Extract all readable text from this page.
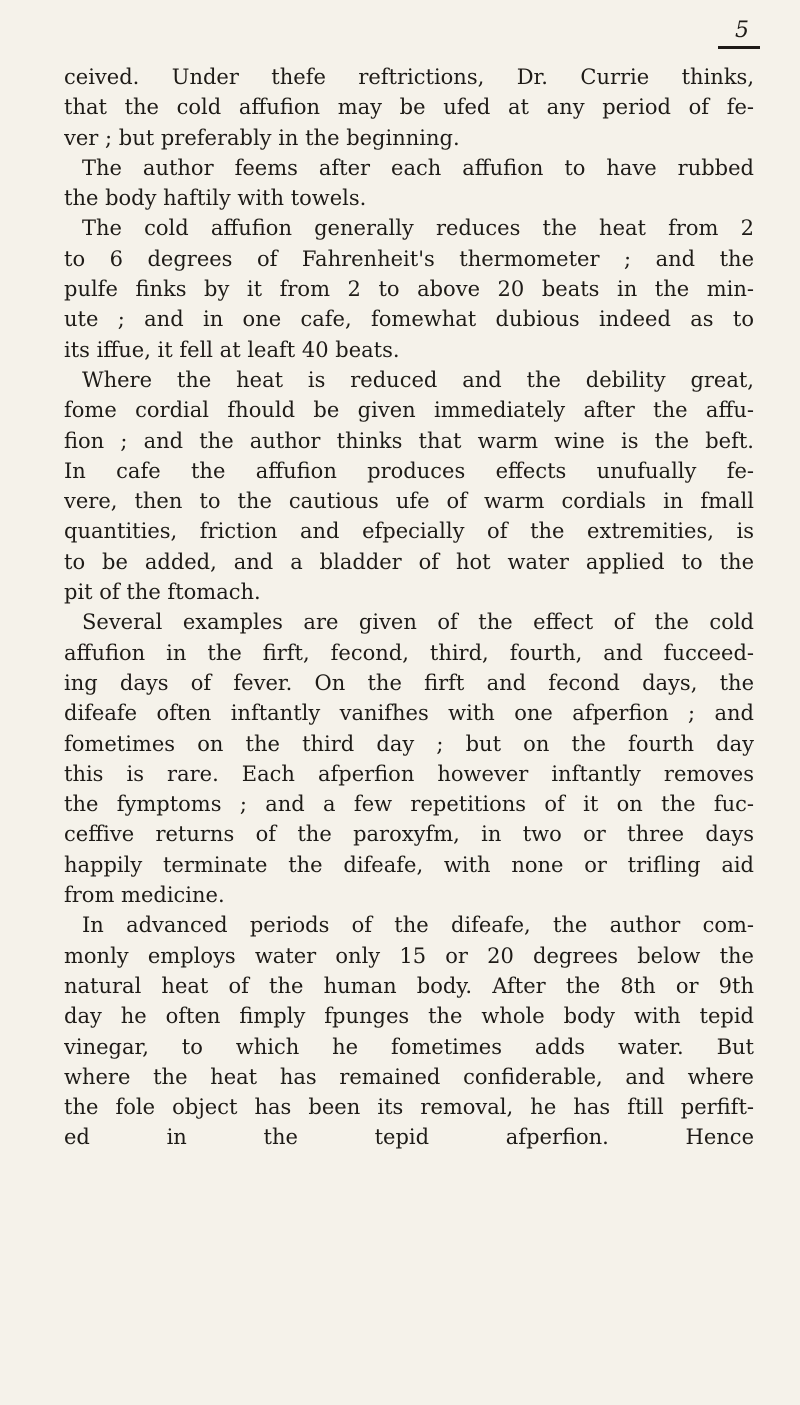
5
ceived. Under thefe reftrictions, Dr. Currie thinks,
that the cold affufion may be ufed at any period of fe-
ver ; but preferably in the beginning.
The author feems after each affufion to have rubbed
the body haftily with towels.
The cold affufion generally reduces the heat from 2
to 6 degrees of Fahrenheit's thermometer ; and the
pulfe finks by it from 2 to above 20 beats in the min-
ute ; and in one cafe, fomewhat dubious indeed as to
its iffue, it fell at leaft 40 beats.
Where the heat is reduced and the debility great,
fome cordial fhould be given immediately after the affu-
fion ; and the author thinks that warm wine is the beft.
In cafe the affufion produces effects unufually fe-
vere, then to the cautious ufe of warm cordials in fmall
quantities, friction and efpecially of the extremities, is
to be added, and a bladder of hot water applied to the
pit of the ftomach.
Several examples are given of the effect of the cold
affufion in the firft, fecond, third, fourth, and fucceed-
ing days of fever. On the firft and fecond days, the
difeafe often inftantly vanifhes with one afperfion ; and
fometimes on the third day ; but on the fourth day
this is rare. Each afperfion however inftantly removes
the fymptoms ; and a few repetitions of it on the fuc-
ceffive returns of the paroxyfm, in two or three days
happily terminate the difeafe, with none or trifling aid
from medicine.
In advanced periods of the difeafe, the author com-
monly employs water only 15 or 20 degrees below the
natural heat of the human body. After the 8th or 9th
day he often fimply fpunges the whole body with tepid
vinegar, to which he fometimes adds water. But
where the heat has remained confiderable, and where
the fole object has been its removal, he has ftill perfift-
ed in the tepid afperfion. Hence
